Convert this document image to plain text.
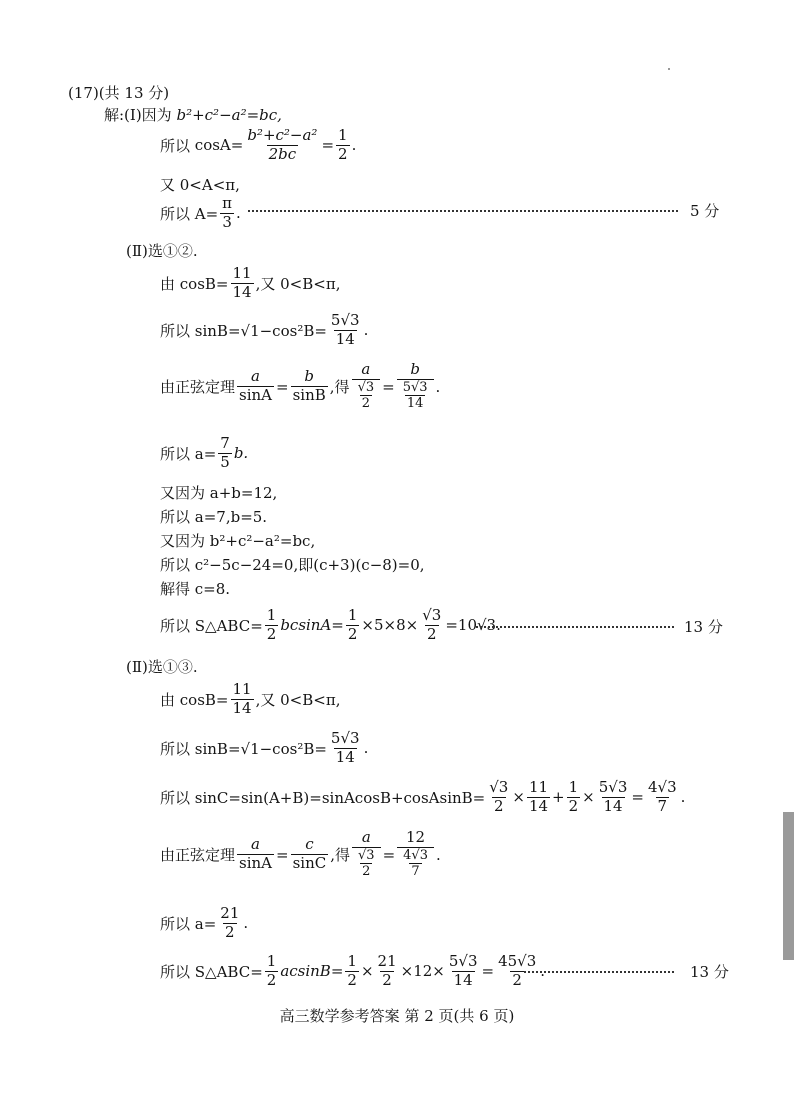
(17)(共 13 分)
解:(Ⅰ)因为
b²+c²−a²=bc,
所以
$\cos A= \frac{\text{b²+c²−a²}}{2bc} = \frac{1}{2}$ .
又 0<A<π,
所以 $A= \frac{\pi}{3}$ .	5 分
(Ⅱ)选①②.
由 $\cos B= \frac{11}{14}$ ,又 0<B<π,
所以 $\sin B=√1-\cos^2B= \frac{5√3}{14}$ .
由正弦定理 $\frac{a}{\sin A} = \frac{b}{\sin B}$ ,得 $\frac{a}{\frac{√3}{2}} = \frac{b}{\frac{5√3}{14}}$ .
所以 $a= \frac{7}{5} b$.
又因为 a+b=12,
所以 a=7,b=5.
又因为 b²+c²−a²=bc,
所以 c²−5c−24=0,即(c+3)(c−8)=0,
解得 c=8.
所以 S△ABC= $\frac{1}{2} bcsinA= \frac{1}{2} \times 5\times 8\times \frac{√3}{2} =10√3$.	13 分
(Ⅱ)选①③.
由 $\cos B= \frac{11}{14}$ ,又 0<B<π,
所以 $\sin B=√1-\cos^2B= \frac{5√3}{14}$ .
所以 sinC=sin(A+B)=sinAcosB+cosAsinB= $\frac{√3}{2} \times \frac{11}{14} + \frac{1}{2} \times \frac{5√3}{14} = \frac{4√3}{7}$ .
由正弦定理 $\frac{a}{\sin A} = \frac{c}{\sin C}$ ,得 $\frac{a}{\frac{√3}{2}} = \frac{12}{\frac{4√3}{7}}$ .
所以 $a= \frac{21}{2}$ .
所以 S△ABC= $\frac{1}{2} acsinB= \frac{1}{2} \times \frac{21}{2} \times 12\times \frac{5√3}{14} = \frac{45√3}{2}$ .	13 分
高三数学参考答案 第 2 页(共 6 页)
